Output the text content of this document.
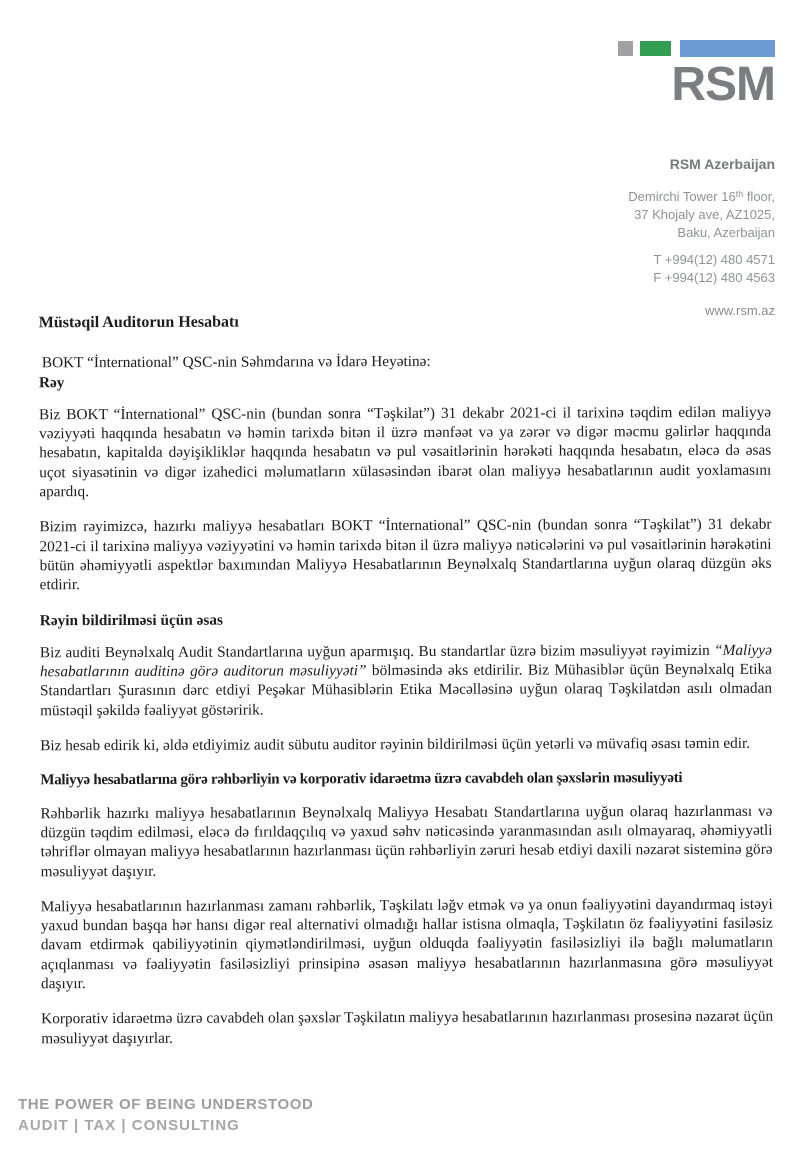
RSM
RSM Azerbaijan
Demirchi Tower 16th floor,
37 Khojaly ave, AZ1025,
Baku, Azerbaijan
T +994(12) 480 4571
F +994(12) 480 4563
www.rsm.az
Müstəqil Auditorun Hesabatı

BOKT “İnternational” QSC-nin Səhmdarına və İdarə Heyətinə:

Rəy

Biz BOKT “İnternational” QSC-nin (bundan sonra “Təşkilat”) 31 dekabr 2021-ci il tarixinə təqdim edilən maliyyə vəziyyəti haqqında hesabatın və həmin tarixdə bitən il üzrə mənfəət və ya zərər və digər məcmu gəlirlər haqqında hesabatın, kapitalda dəyişikliklər haqqında hesabatın və pul vəsaitlərinin hərəkəti haqqında hesabatın, eləcə də əsas uçot siyasətinin və digər izahedici məlumatların xülasəsindən ibarət olan maliyyə hesabatlarının audit yoxlamasını apardıq.

Bizim rəyimizcə, hazırkı maliyyə hesabatları BOKT “İnternational” QSC-nin (bundan sonra “Təşkilat”) 31 dekabr 2021-ci il tarixinə maliyyə vəziyyətini və həmin tarixdə bitən il üzrə maliyyə nəticələrini və pul vəsaitlərinin hərəkətini bütün əhəmiyyətli aspektlər baxımından Maliyyə Hesabatlarının Beynəlxalq Standartlarına uyğun olaraq düzgün əks etdirir.

Rəyin bildirilməsi üçün əsas

Biz auditi Beynəlxalq Audit Standartlarına uyğun aparmışıq. Bu standartlar üzrə bizim məsuliyyət rəyimizin “Maliyyə hesabatlarının auditinə görə auditorun məsuliyyəti” bölməsində əks etdirilir. Biz Mühasiblər üçün Beynəlxalq Etika Standartları Şurasının dərc etdiyi Peşəkar Mühasiblərin Etika Məcəlləsinə uyğun olaraq Təşkilatdən asılı olmadan müstəqil şəkildə fəaliyyət göstəririk.

Biz hesab edirik ki, əldə etdiyimiz audit sübutu auditor rəyinin bildirilməsi üçün yetərli və müvafiq əsası təmin edir.

Maliyyə hesabatlarına görə rəhbərliyin və korporativ idarəetmə üzrə cavabdeh olan şəxslərin məsuliyyəti

Rəhbərlik hazırkı maliyyə hesabatlarının Beynəlxalq Maliyyə Hesabatı Standartlarına uyğun olaraq hazırlanması və düzgün təqdim edilməsi, eləcə də fırıldaqçılıq və yaxud səhv nəticəsində yaranmasından asılı olmayaraq, əhəmiyyətli təhriflər olmayan maliyyə hesabatlarının hazırlanması üçün rəhbərliyin zəruri hesab etdiyi daxili nəzarət sisteminə görə məsuliyyət daşıyır.

Maliyyə hesabatlarının hazırlanması zamanı rəhbərlik, Təşkilatı ləğv etmək və ya onun fəaliyyətini dayandırmaq istəyi yaxud bundan başqa hər hansı digər real alternativi olmadığı hallar istisna olmaqla, Təşkilatın öz fəaliyyətini fasiləsiz davam etdirmək qabiliyyətinin qiymətləndirilməsi, uyğun olduqda fəaliyyətin fasiləsizliyi ilə bağlı məlumatların açıqlanması və fəaliyyətin fasiləsizliyi prinsipinə əsasən maliyyə hesabatlarının hazırlanmasına görə məsuliyyət daşıyır.

Korporativ idarəetmə üzrə cavabdeh olan şəxslər Təşkilatın maliyyə hesabatlarının hazırlanması prosesinə nəzarət üçün məsuliyyət daşıyırlar.

THE POWER OF BEING UNDERSTOOD
AUDIT | TAX | CONSULTING
